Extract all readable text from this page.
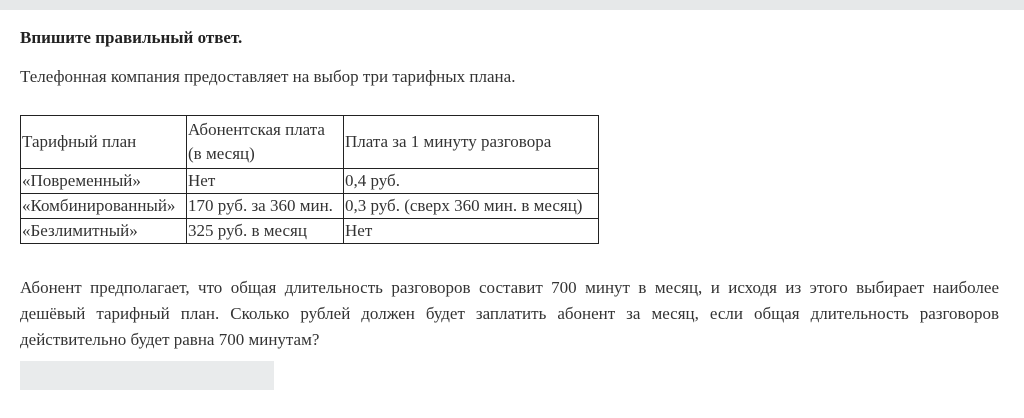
Впишите правильный ответ.
Телефонная компания предоставляет на выбор три тарифных плана.
Тарифный план	Абонентская плата (в месяц)	Плата за 1 минуту разговора
«Повременный»	Нет	0,4 руб.
«Комбинированный»	170 руб. за 360 мин.	0,3 руб. (сверх 360 мин. в месяц)
«Безлимитный»	325 руб. в месяц	Нет
Абонент предполагает, что общая длительность разговоров составит 700 минут в месяц, и исходя из этого выбирает наиболее дешёвый тарифный план. Сколько рублей должен будет заплатить абонент за месяц, если общая длительность разговоров действительно будет равна 700 минутам?
